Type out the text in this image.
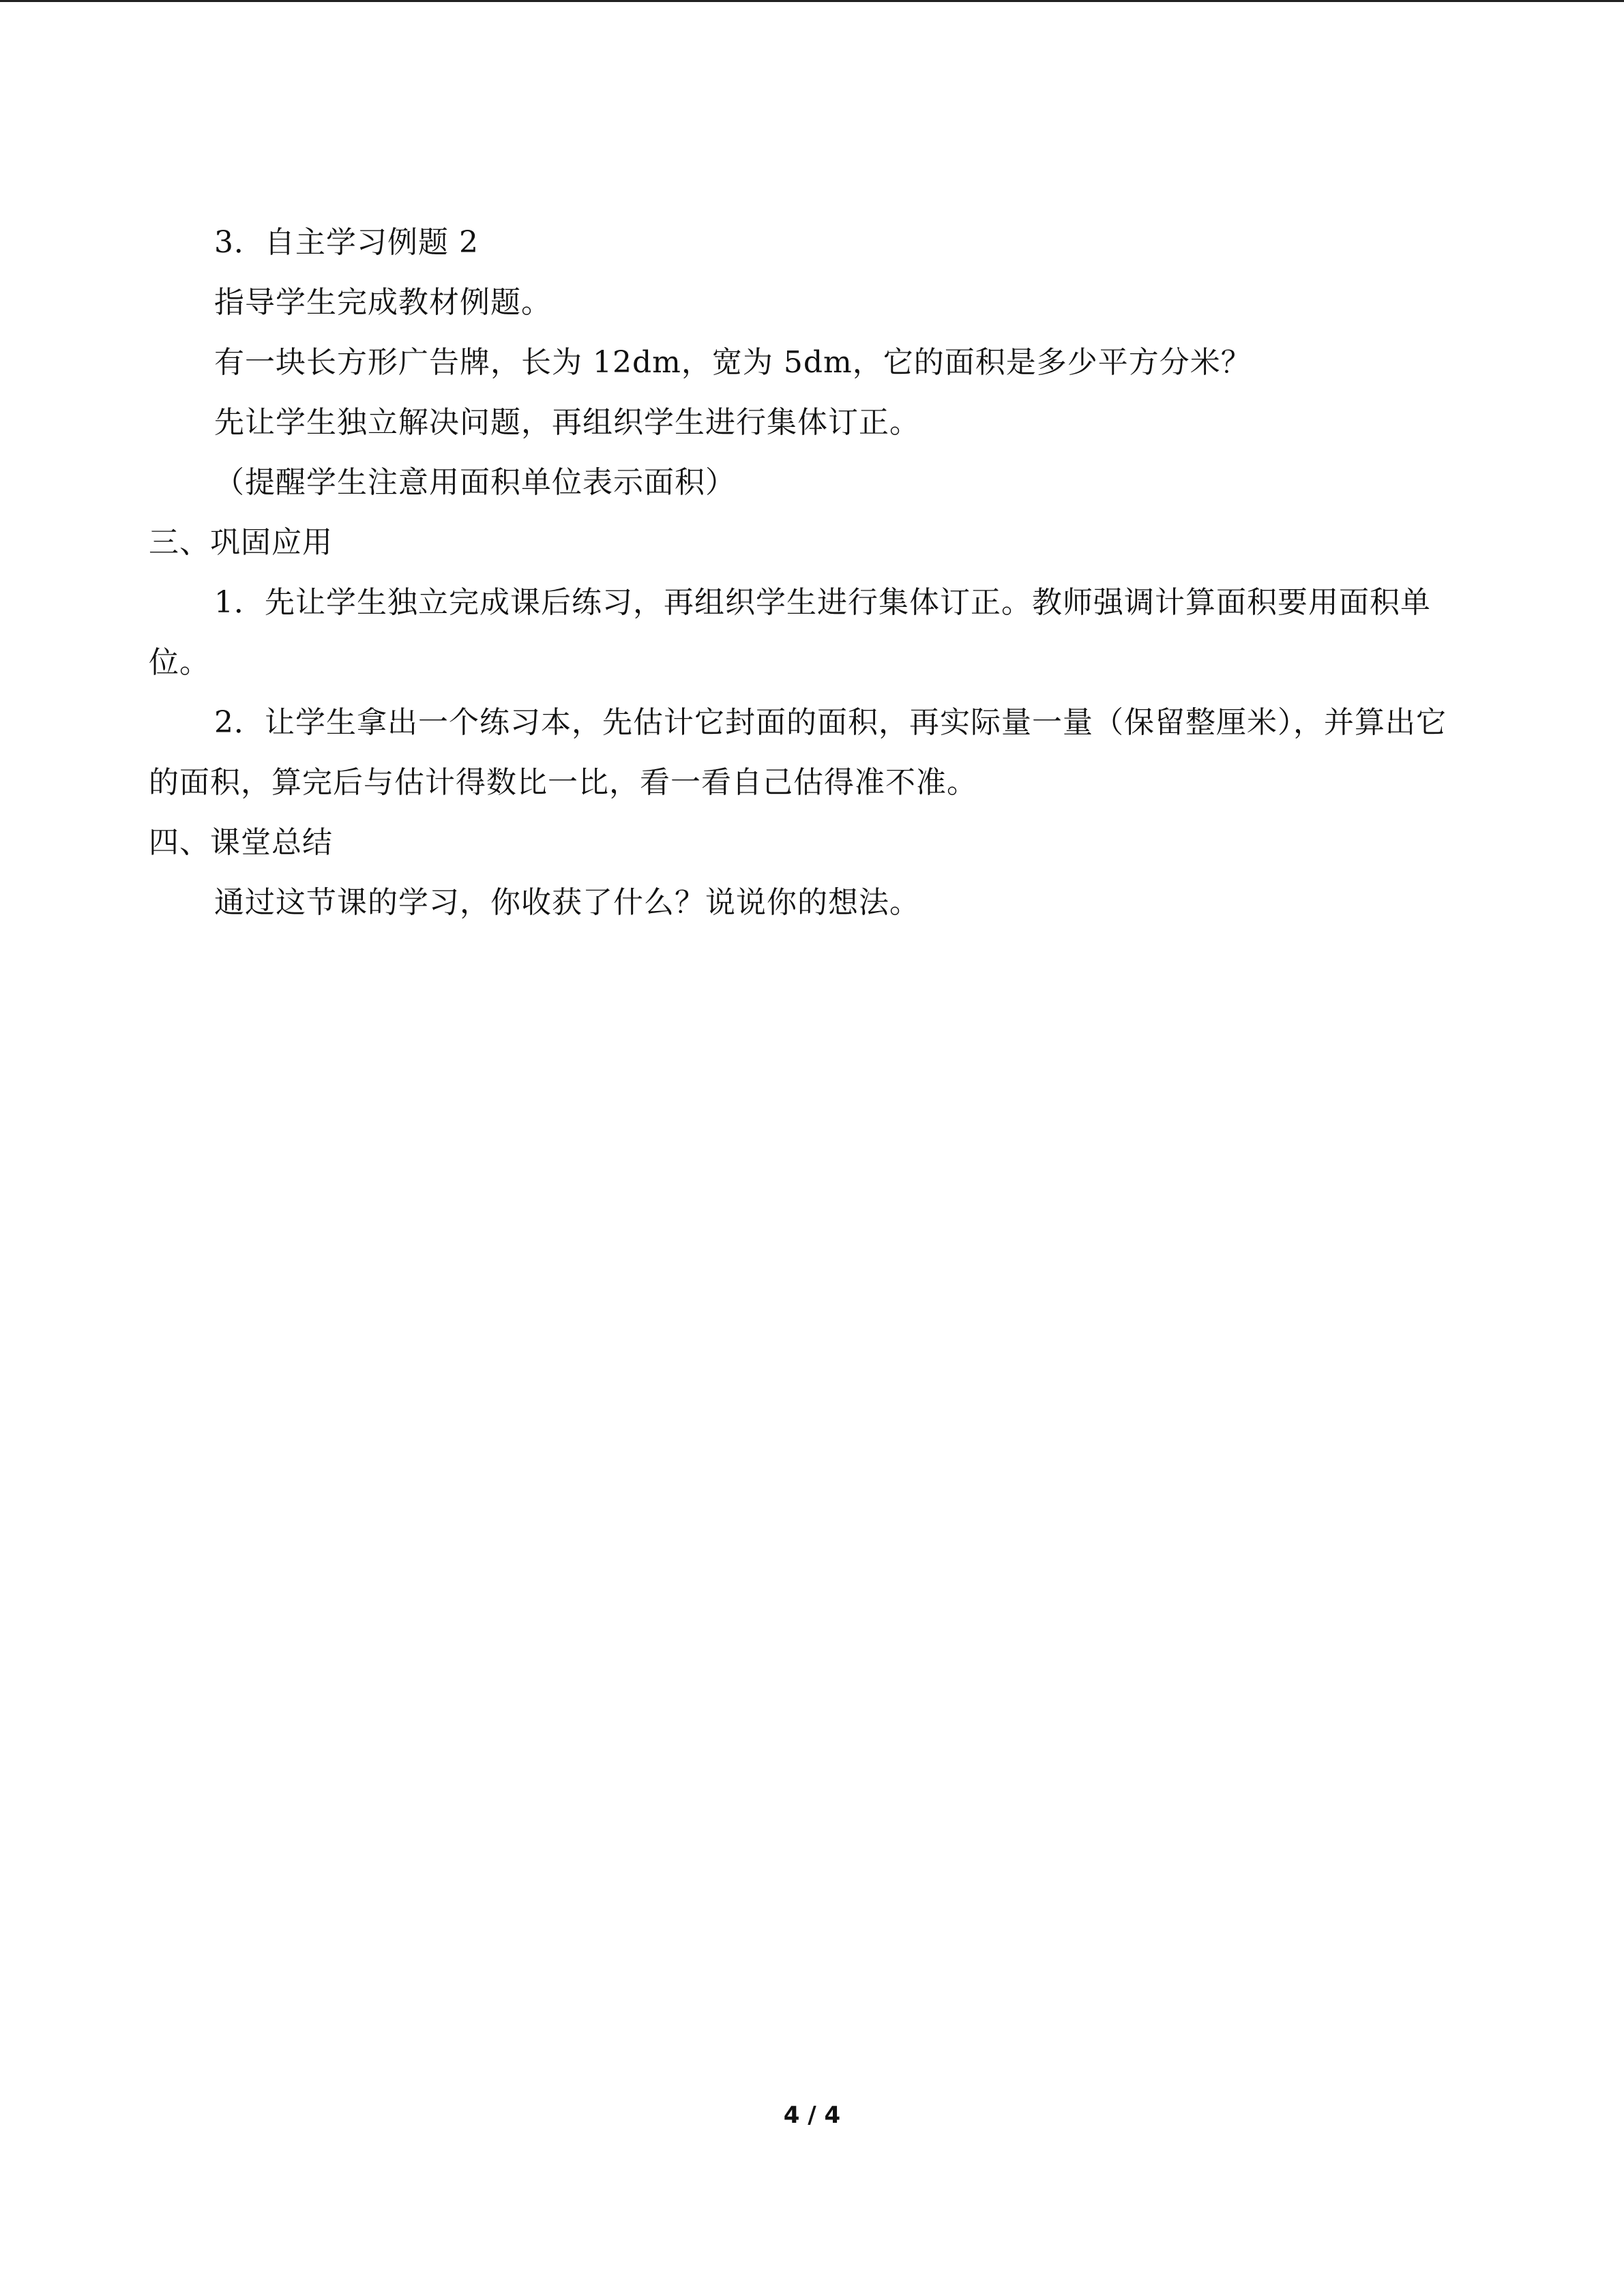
3．自主学习例题 2

指导学生完成教材例题。

有一块长方形广告牌，长为 12dm，宽为 5dm，它的面积是多少平方分米？

先让学生独立解决问题，再组织学生进行集体订正。

（提醒学生注意用面积单位表示面积）

三、巩固应用

1．先让学生独立完成课后练习，再组织学生进行集体订正。教师强调计算面积要用面积单位。

2．让学生拿出一个练习本，先估计它封面的面积，再实际量一量（保留整厘米），并算出它的面积，算完后与估计得数比一比，看一看自己估得准不准。

四、课堂总结

通过这节课的学习，你收获了什么？说说你的想法。

4 / 4
